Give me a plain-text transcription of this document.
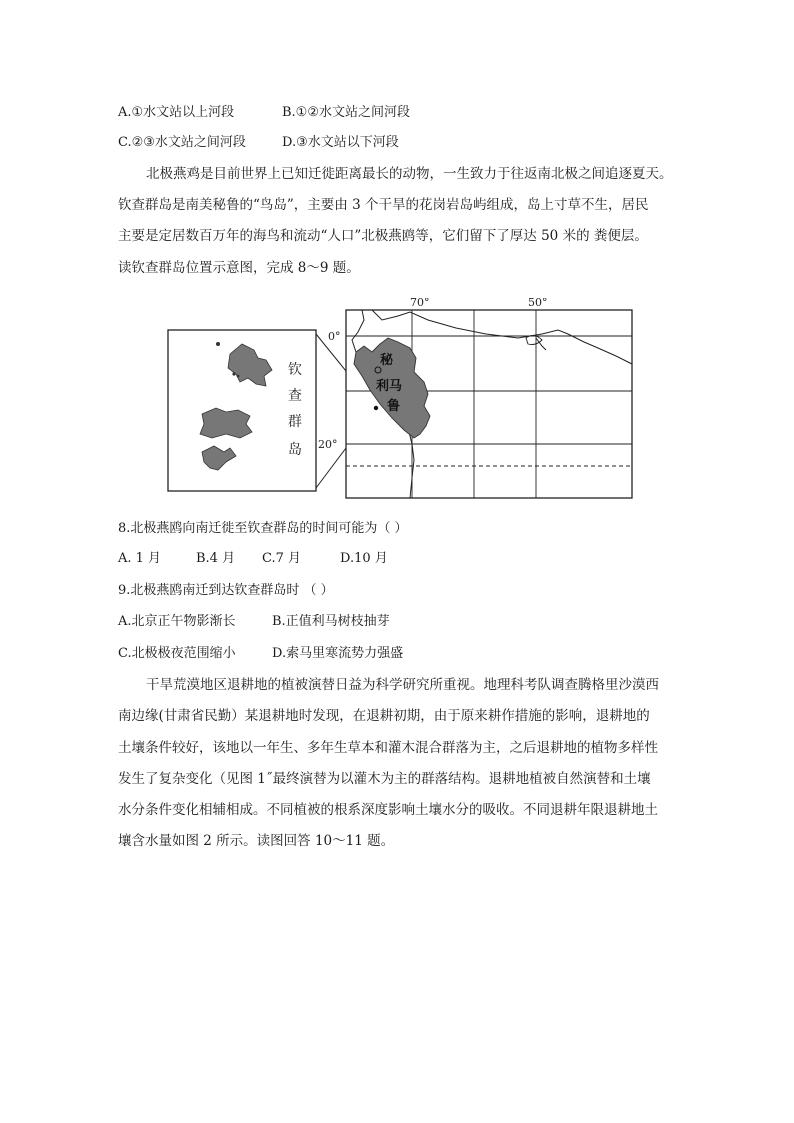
A.①水文站以上河段	B.①②水文站之间河段
C.②③水文站之间河段	D.③水文站以下河段
北极燕鸡是目前世界上已知迁徙距离最长的动物，一生致力于往返南北极之间追逐夏天。
钦查群岛是南美秘鲁的“鸟岛”，主要由 3 个干旱的花岗岩岛屿组成，岛上寸草不生，居民
主要是定居数百万年的海鸟和流动“人口”北极燕鸥等，它们留下了厚达 50 米的 粪便层。
读钦查群岛位置示意图，完成 8～9 题。
钦
查
群
岛
秘
利马
鲁
70°	50°
0°
20°
8.北极燕鸥向南迁徙至钦查群岛的时间可能为（ ）
A. 1 月	B.4 月 C.7 月	D.10 月
9.北极燕鸥南迁到达钦查群岛时 （ ）
A.北京正午物影渐长	B.正值利马树枝抽芽
C.北极极夜范围缩小	D.索马里寒流势力强盛
干旱荒漠地区退耕地的植被演替日益为科学研究所重视。地理科考队调查腾格里沙漠西
南边缘(甘肃省民勤）某退耕地时发现，在退耕初期，由于原来耕作措施的影响，退耕地的
土壤条件较好，该地以一年生、多年生草本和灌木混合群落为主，之后退耕地的植物多样性
发生了复杂变化（见图 1˝最终演替为以灌木为主的群落结构。退耕地植被自然演替和土壤
水分条件变化相辅相成。不同植被的根系深度影响土壤水分的吸收。不同退耕年限退耕地土
壤含水量如图 2 所示。读图回答 10～11 题。
